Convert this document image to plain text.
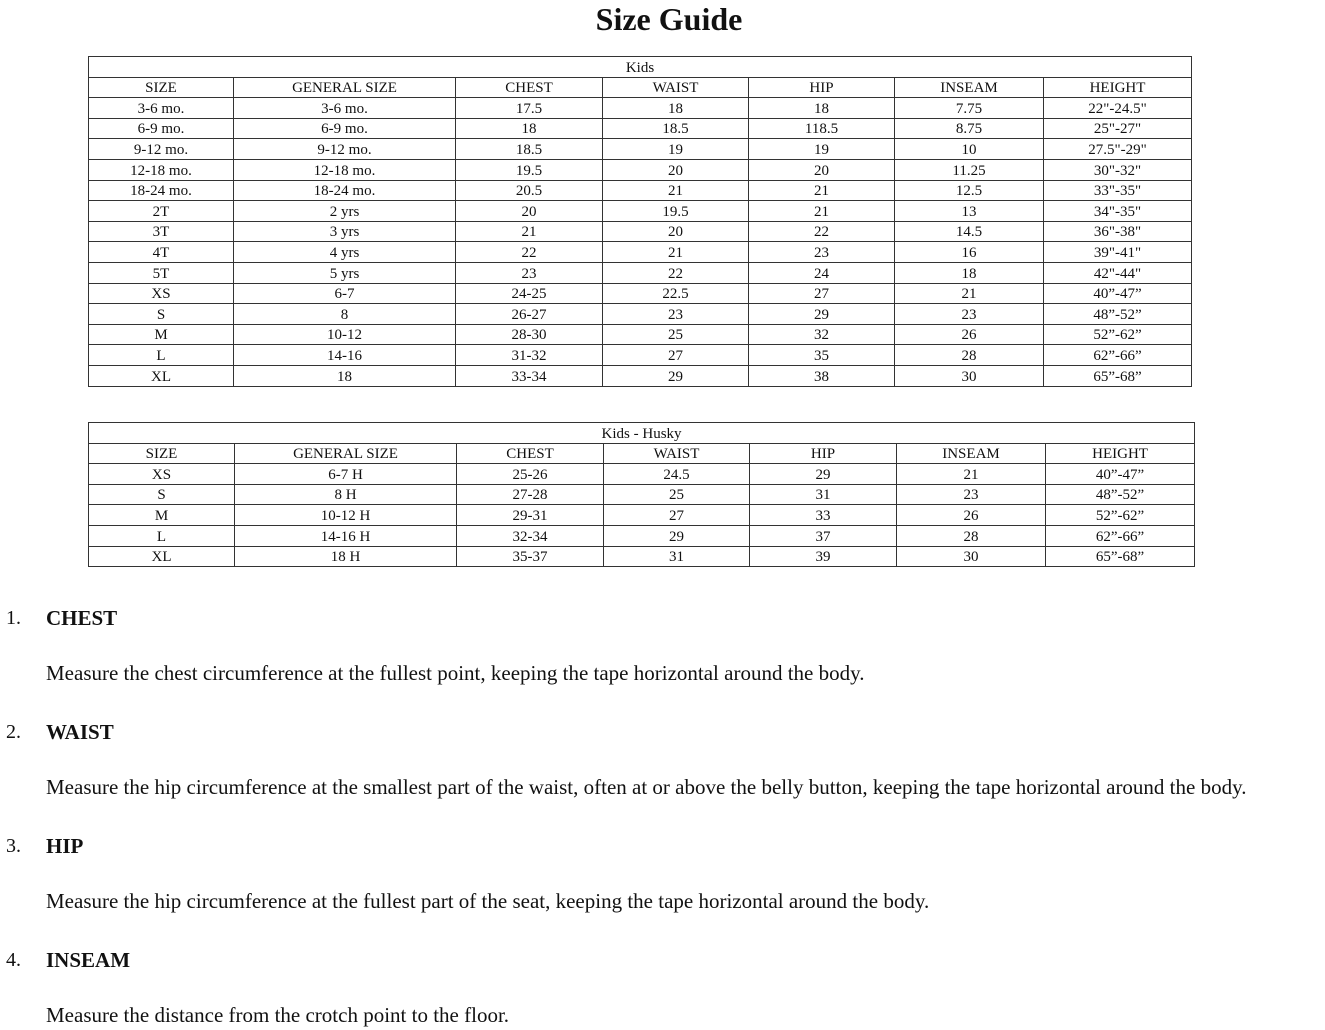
Size Guide
Kids						
SIZE	GENERAL SIZE	CHEST	WAIST	HIP	INSEAM	HEIGHT
3-6 mo.	3-6 mo.	17.5	18	18	7.75	22"-24.5"
6-9 mo.	6-9 mo.	18	18.5	118.5	8.75	25"-27"
9-12 mo.	9-12 mo.	18.5	19	19	10	27.5"-29"
12-18 mo.	12-18 mo.	19.5	20	20	11.25	30"-32"
18-24 mo.	18-24 mo.	20.5	21	21	12.5	33"-35"
2T	2 yrs	20	19.5	21	13	34"-35"
3T	3 yrs	21	20	22	14.5	36"-38"
4T	4 yrs	22	21	23	16	39"-41"
5T	5 yrs	23	22	24	18	42"-44"
XS	6-7	24-25	22.5	27	21	40”-47”
S	8	26-27	23	29	23	48”-52”
M	10-12	28-30	25	32	26	52”-62”
L	14-16	31-32	27	35	28	62”-66”
XL	18	33-34	29	38	30	65”-68”
Kids - Husky						
SIZE	GENERAL SIZE	CHEST	WAIST	HIP	INSEAM	HEIGHT
XS	6-7 H	25-26	24.5	29	21	40”-47”
S	8 H	27-28	25	31	23	48”-52”
M	10-12 H	29-31	27	33	26	52”-62”
L	14-16 H	32-34	29	37	28	62”-66”
XL	18 H	35-37	31	39	30	65”-68”
1. CHEST
Measure the chest circumference at the fullest point, keeping the tape horizontal around the body.
2. WAIST
Measure the hip circumference at the smallest part of the waist, often at or above the belly button, keeping the tape horizontal around the body.
3. HIP
Measure the hip circumference at the fullest part of the seat, keeping the tape horizontal around the body.
4. INSEAM
Measure the distance from the crotch point to the floor.
